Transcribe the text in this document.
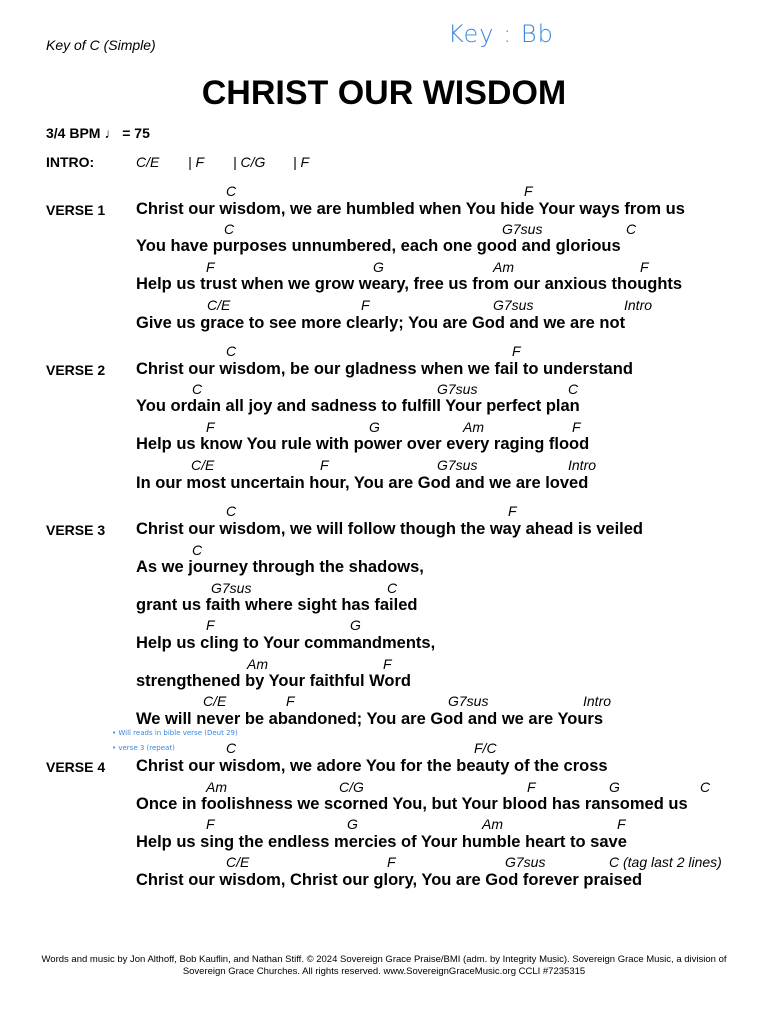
Key of C (Simple)	Key : Bb
CHRIST OUR WISDOM
3/4 BPM ♩ = 75
INTRO:	C/E | F | C/G | F
VERSE 1
C	F
Christ our wisdom, we are humbled when You hide Your ways from us
C	G7sus	C
You have purposes unnumbered, each one good and glorious
F	G	Am	F
Help us trust when we grow weary, free us from our anxious thoughts
C/E	F	G7sus	Intro
Give us grace to see more clearly; You are God and we are not
VERSE 2
C	F
Christ our wisdom, be our gladness when we fail to understand
C	G7sus	C
You ordain all joy and sadness to fulfill Your perfect plan
F	G	Am	F
Help us know You rule with power over every raging flood
C/E	F	G7sus	Intro
In our most uncertain hour, You are God and we are loved
VERSE 3
C	F
Christ our wisdom, we will follow though the way ahead is veiled
C
As we journey through the shadows,
G7sus	C
grant us faith where sight has failed
F	G
Help us cling to Your commandments,
Am	F
strengthened by Your faithful Word
C/E	F	G7sus	Intro
We will never be abandoned; You are God and we are Yours
• Will reads in bible verse (Deut 29)
• verse 3 (repeat)
VERSE 4
C	F/C
Christ our wisdom, we adore You for the beauty of the cross
Am	C/G	F	G	C
Once in foolishness we scorned You, but Your blood has ransomed us
F	G	Am	F
Help us sing the endless mercies of Your humble heart to save
C/E	F	G7sus	C (tag last 2 lines)
Christ our wisdom, Christ our glory, You are God forever praised
Words and music by Jon Althoff, Bob Kauflin, and Nathan Stiff. © 2024 Sovereign Grace Praise/BMI (adm. by Integrity Music). Sovereign Grace Music, a division of Sovereign Grace Churches. All rights reserved. www.SovereignGraceMusic.org CCLI #7235315
